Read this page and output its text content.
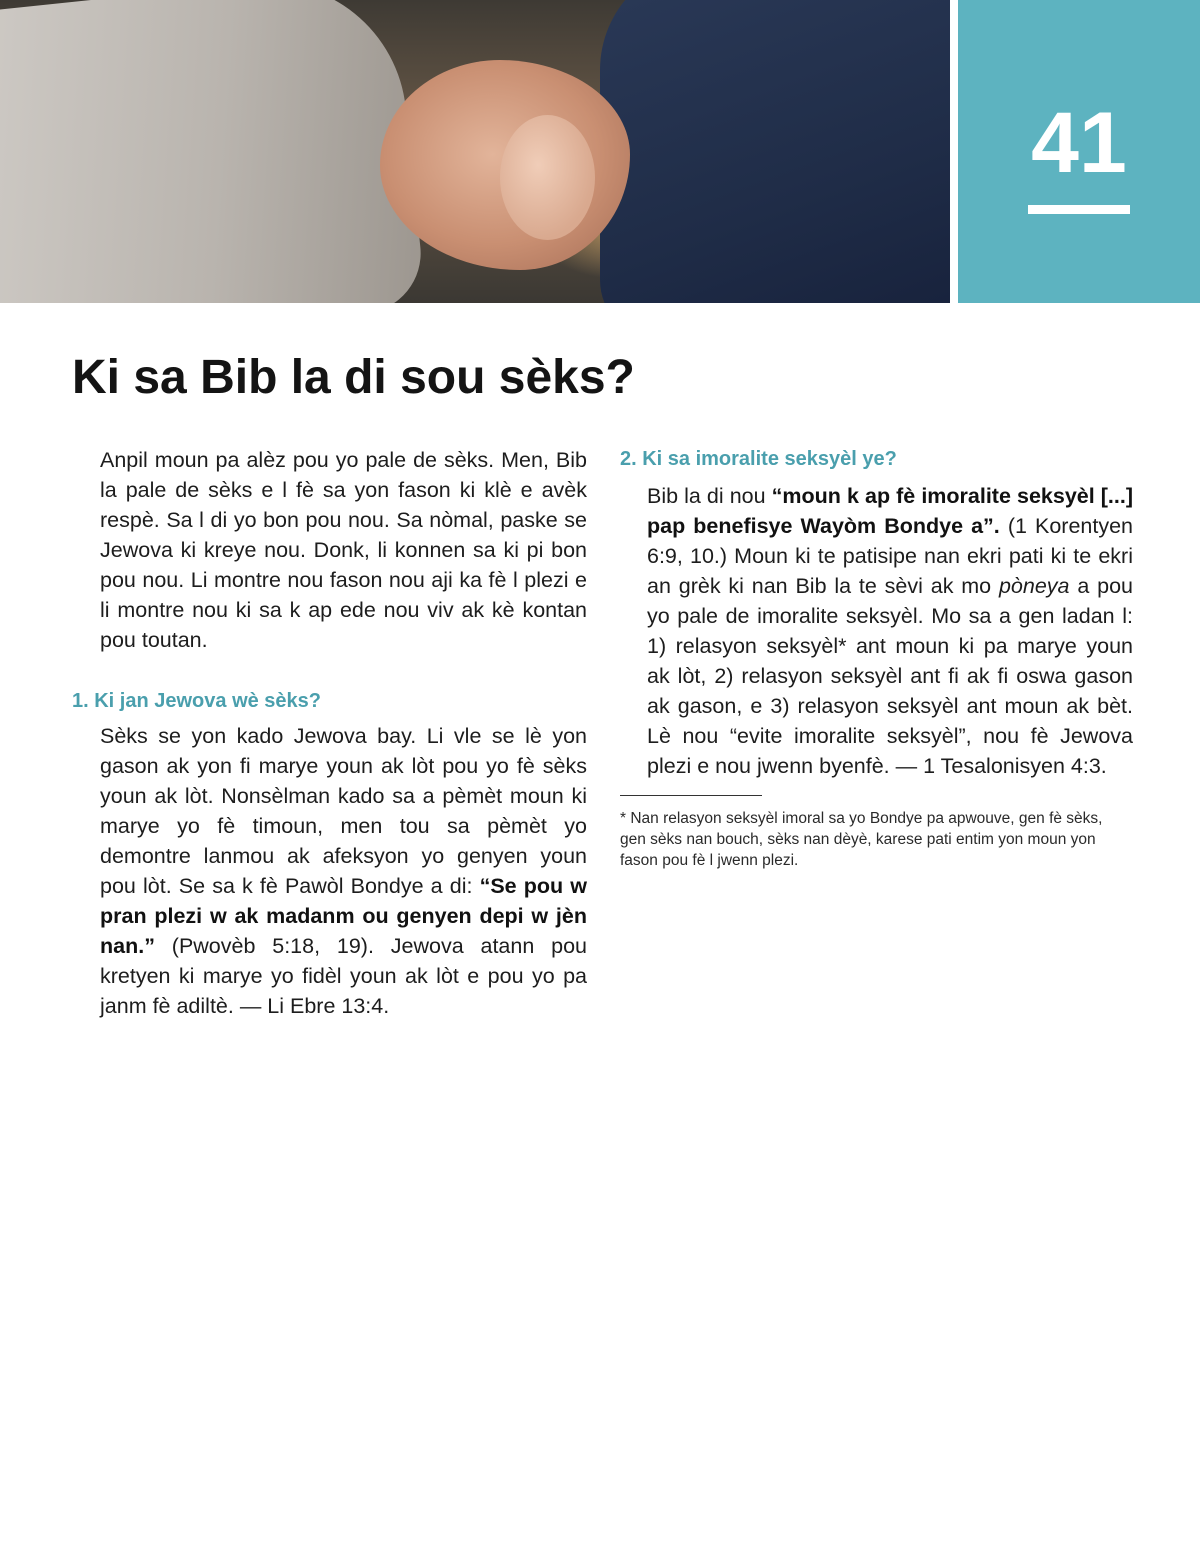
41
Ki sa Bib la di sou sèks?

Anpil moun pa alèz pou yo pale de sèks. Men, Bib la pale de sèks e l fè sa yon fason ki klè e avèk respè. Sa l di yo bon pou nou. Sa nòmal, paske se Jewova ki kreye nou. Donk, li konnen sa ki pi bon pou nou. Li montre nou fason nou aji ka fè l plezi e li montre nou ki sa k ap ede nou viv ak kè kontan pou toutan.

1. Ki jan Jewova wè sèks?

Sèks se yon kado Jewova bay. Li vle se lè yon gason ak yon fi marye youn ak lòt pou yo fè sèks youn ak lòt. Nonsèlman kado sa a pèmèt moun ki marye yo fè timoun, men tou sa pèmèt yo demontre lanmou ak afeksyon yo genyen youn pou lòt. Se sa k fè Pawòl Bondye a di: “Se pou w pran plezi w ak madanm ou genyen depi w jèn nan.” (Pwovèb 5:18, 19). Jewova atann pou kretyen ki marye yo fidèl youn ak lòt e pou yo pa janm fè adiltè. — Li Ebre 13:4.

2. Ki sa imoralite seksyèl ye?

Bib la di nou “moun k ap fè imoralite seksyèl [...] pap benefisye Wayòm Bondye a”. (1 Korentyen 6:9, 10.) Moun ki te patisipe nan ekri pati ki te ekri an grèk ki nan Bib la te sèvi ak mo pòneya a pou yo pale de imoralite seksyèl. Mo sa a gen ladan l: 1) relasyon seksyèl* ant moun ki pa marye youn ak lòt, 2) relasyon seksyèl ant fi ak fi oswa gason ak gason, e 3) relasyon seksyèl ant moun ak bèt. Lè nou “evite imoralite seksyèl”, nou fè Jewova plezi e nou jwenn byenfè. — 1 Tesalonisyen 4:3.

* Nan relasyon seksyèl imoral sa yo Bondye pa apwouve, gen fè sèks, gen sèks nan bouch, sèks nan dèyè, karese pati entim yon moun yon fason pou fè l jwenn plezi.
